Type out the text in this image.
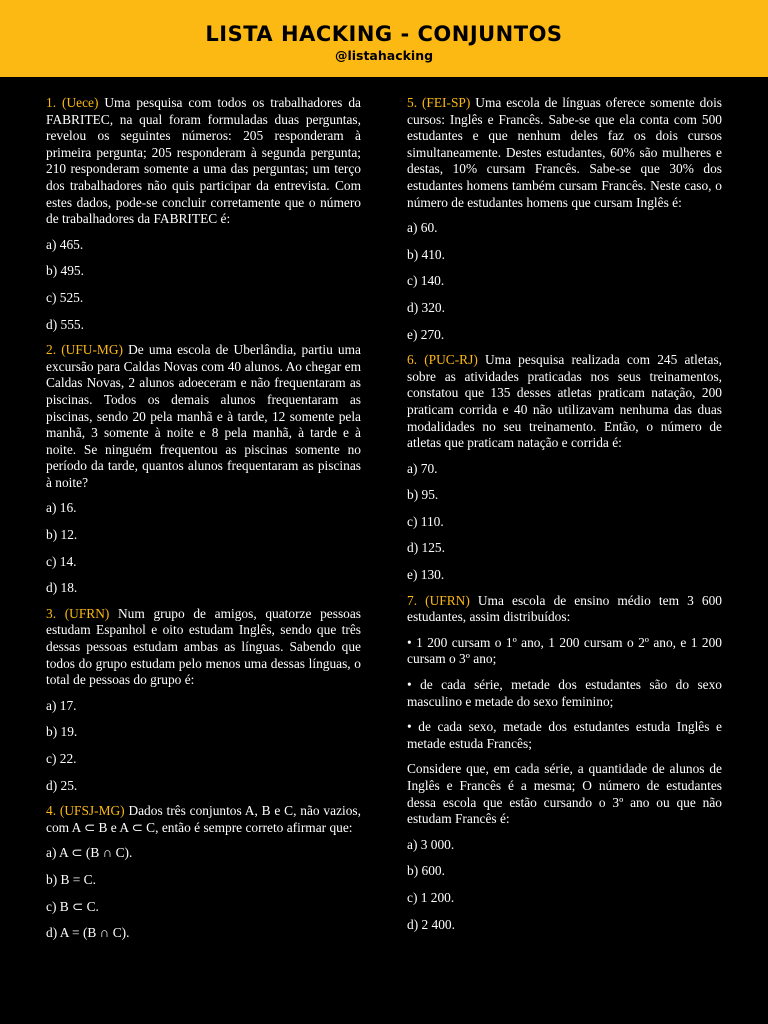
LISTA HACKING - CONJUNTOS
@listahacking

1. (Uece) Uma pesquisa com todos os trabalhadores da FABRITEC, na qual foram formuladas duas perguntas, revelou os seguintes números: 205 responderam à primeira pergunta; 205 responderam à segunda pergunta; 210 responderam somente a uma das perguntas; um terço dos trabalhadores não quis participar da entrevista. Com estes dados, pode-se concluir corretamente que o número de trabalhadores da FABRITEC é:

a) 465.

b) 495.

c) 525.

d) 555.

2. (UFU-MG) De uma escola de Uberlândia, partiu uma excursão para Caldas Novas com 40 alunos. Ao chegar em Caldas Novas, 2 alunos adoeceram e não frequentaram as piscinas. Todos os demais alunos frequentaram as piscinas, sendo 20 pela manhã e à tarde, 12 somente pela manhã, 3 somente à noite e 8 pela manhã, à tarde e à noite. Se ninguém frequentou as piscinas somente no período da tarde, quantos alunos frequentaram as piscinas à noite?

a) 16.

b) 12.

c) 14.

d) 18.

3. (UFRN) Num grupo de amigos, quatorze pessoas estudam Espanhol e oito estudam Inglês, sendo que três dessas pessoas estudam ambas as línguas. Sabendo que todos do grupo estudam pelo menos uma dessas línguas, o total de pessoas do grupo é:

a) 17.

b) 19.

c) 22.

d) 25.

4. (UFSJ-MG) Dados três conjuntos A, B e C, não vazios, com A ⊂ B e A ⊂ C, então é sempre correto afirmar que:

a) A ⊂ (B ∩ C).

b) B = C.

c) B ⊂ C.

d) A = (B ∩ C).

5. (FEI-SP) Uma escola de línguas oferece somente dois cursos: Inglês e Francês. Sabe-se que ela conta com 500 estudantes e que nenhum deles faz os dois cursos simultaneamente. Destes estudantes, 60% são mulheres e destas, 10% cursam Francês. Sabe-se que 30% dos estudantes homens também cursam Francês. Neste caso, o número de estudantes homens que cursam Inglês é:

a) 60.

b) 410.

c) 140.

d) 320.

e) 270.

6. (PUC-RJ) Uma pesquisa realizada com 245 atletas, sobre as atividades praticadas nos seus treinamentos, constatou que 135 desses atletas praticam natação, 200 praticam corrida e 40 não utilizavam nenhuma das duas modalidades no seu treinamento. Então, o número de atletas que praticam natação e corrida é:

a) 70.

b) 95.

c) 110.

d) 125.

e) 130.

7. (UFRN) Uma escola de ensino médio tem 3 600 estudantes, assim distribuídos:

• 1 200 cursam o 1º ano, 1 200 cursam o 2º ano, e 1 200 cursam o 3º ano;

• de cada série, metade dos estudantes são do sexo masculino e metade do sexo feminino;

• de cada sexo, metade dos estudantes estuda Inglês e metade estuda Francês;

Considere que, em cada série, a quantidade de alunos de Inglês e Francês é a mesma; O número de estudantes dessa escola que estão cursando o 3º ano ou que não estudam Francês é:

a) 3 000.

b) 600.

c) 1 200.

d) 2 400.
